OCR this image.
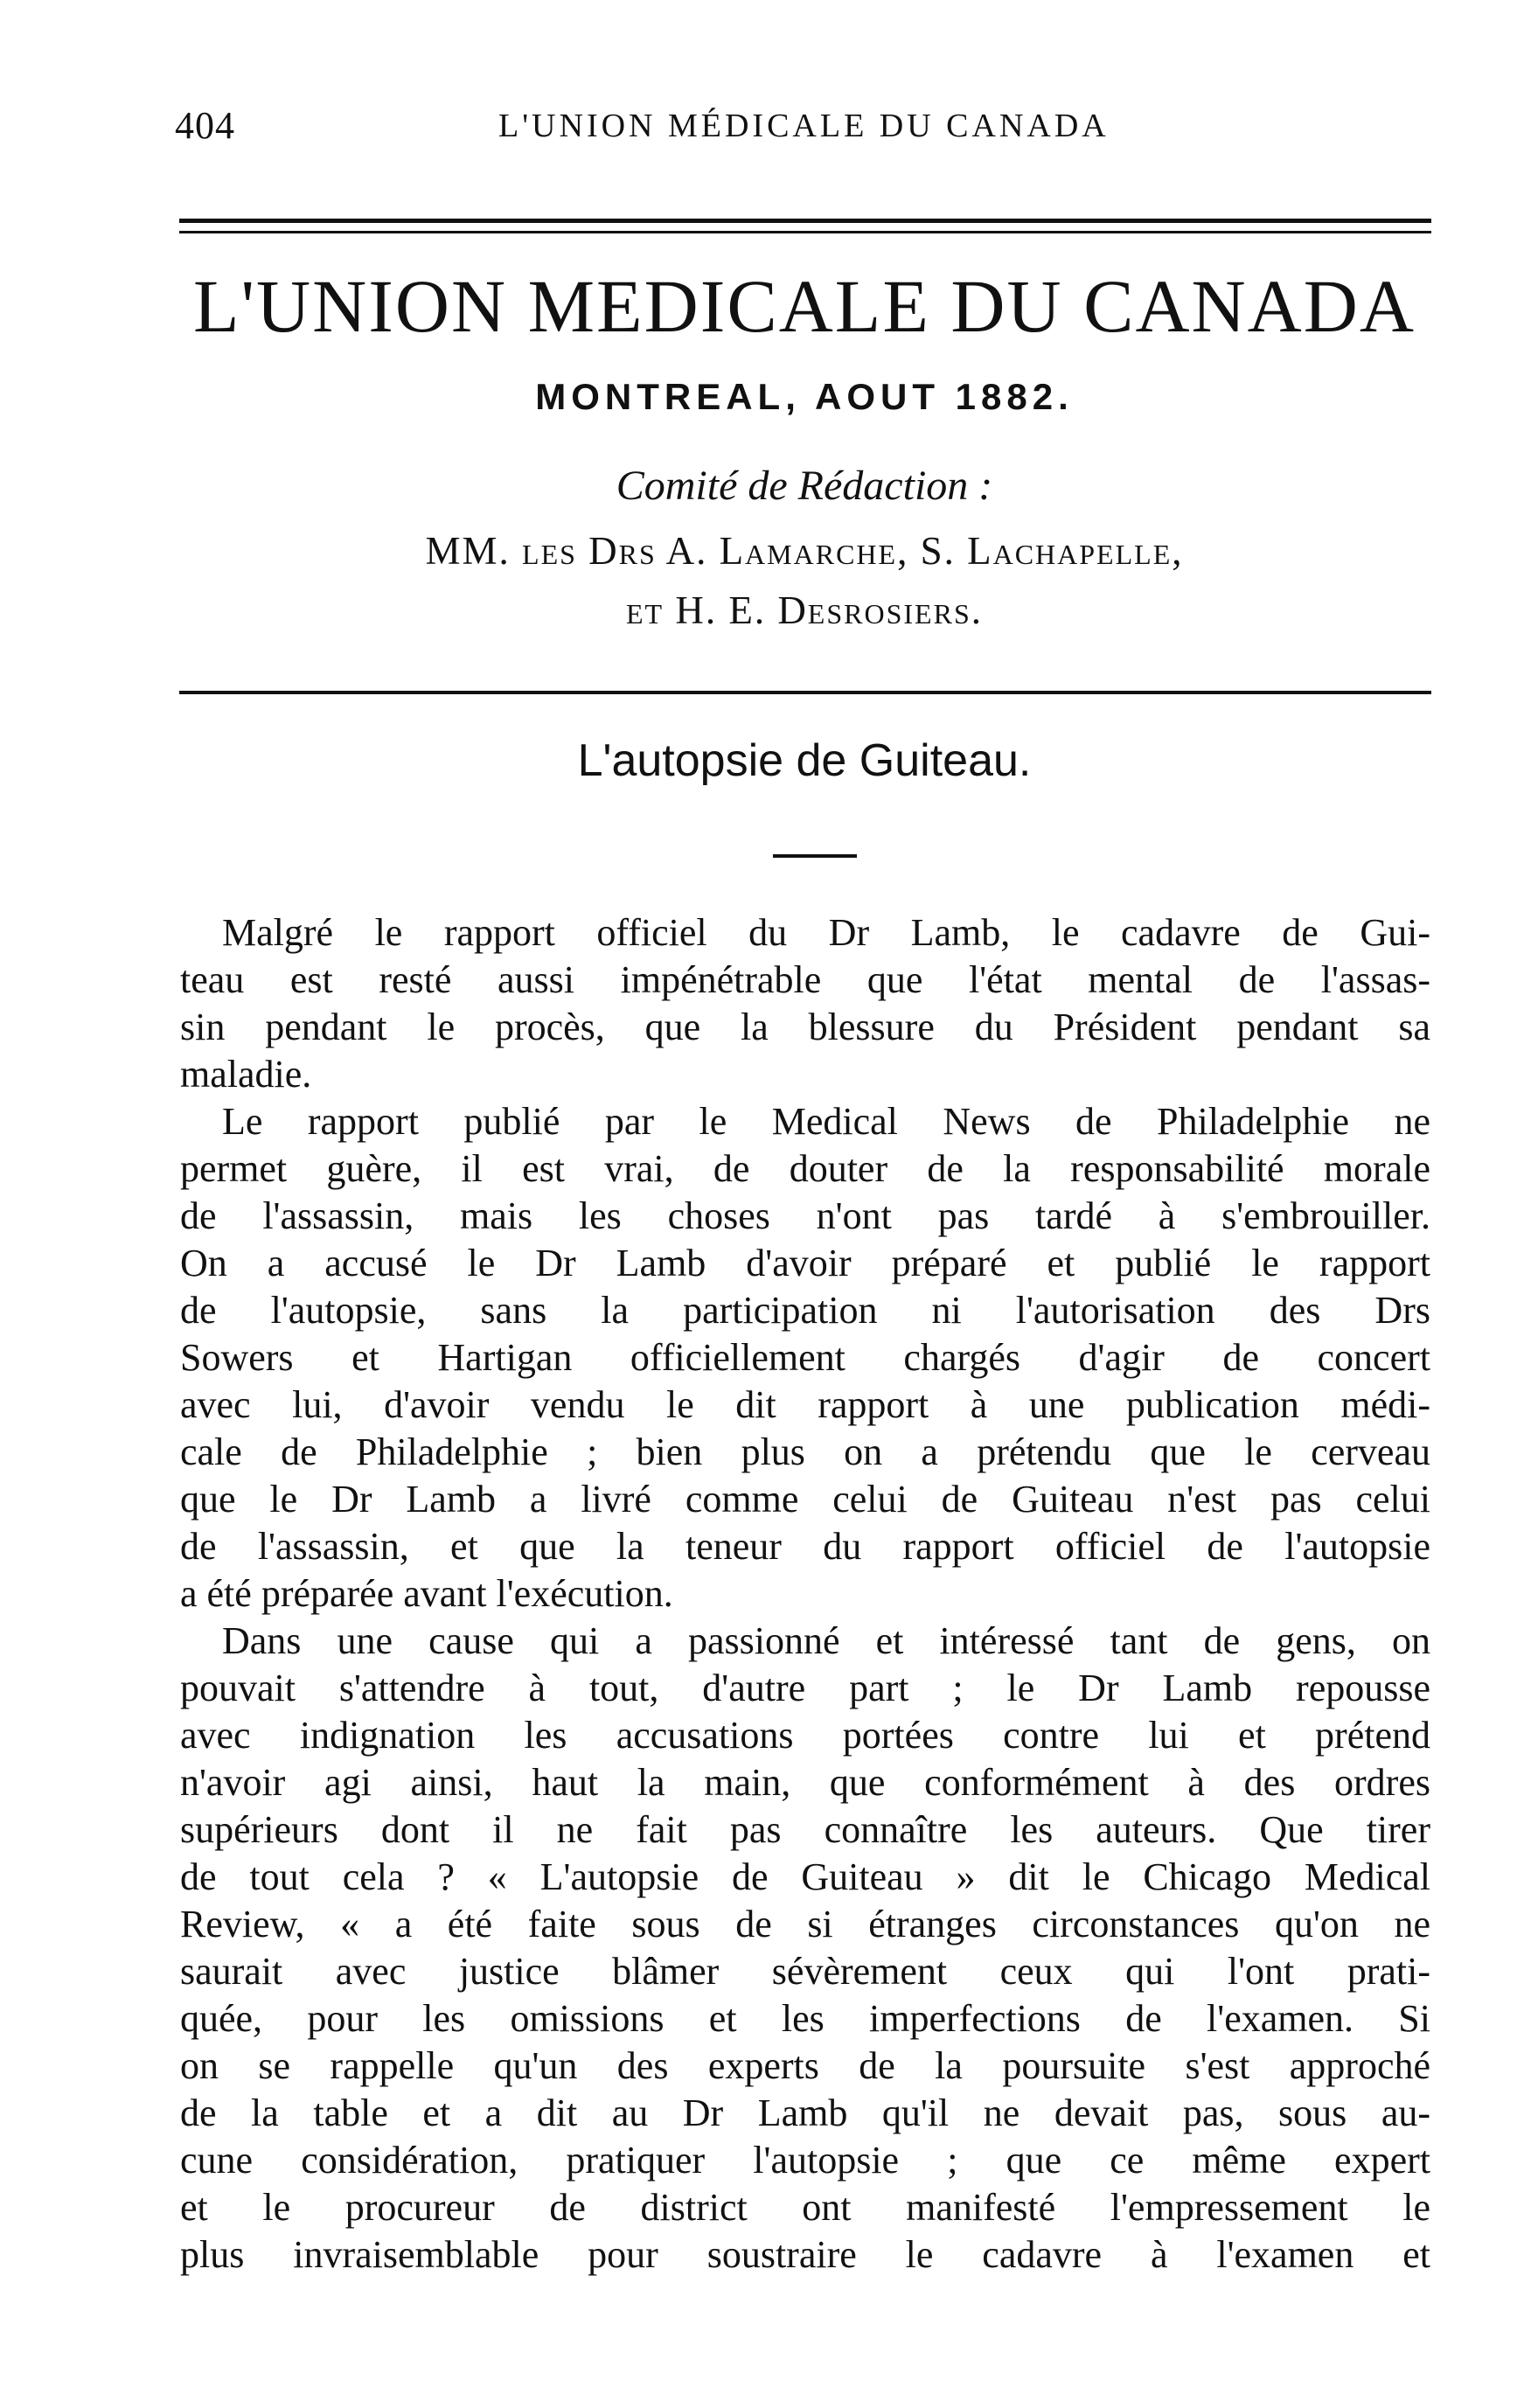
404	L'UNION MÉDICALE DU CANADA
L'UNION MEDICALE DU CANADA
MONTREAL, AOUT 1882.
Comité de Rédaction :
MM. les Drs A. Lamarche, S. Lachapelle,
et H. E. Desrosiers.
L'autopsie de Guiteau.
Malgré le rapport officiel du Dr Lamb, le cadavre de Gui-
teau est resté aussi impénétrable que l'état mental de l'assas-
sin pendant le procès, que la blessure du Président pendant sa
maladie.
Le rapport publié par le Medical News de Philadelphie ne
permet guère, il est vrai, de douter de la responsabilité morale
de l'assassin, mais les choses n'ont pas tardé à s'embrouiller.
On a accusé le Dr Lamb d'avoir préparé et publié le rapport
de l'autopsie, sans la participation ni l'autorisation des Drs
Sowers et Hartigan officiellement chargés d'agir de concert
avec lui, d'avoir vendu le dit rapport à une publication médi-
cale de Philadelphie ; bien plus on a prétendu que le cerveau
que le Dr Lamb a livré comme celui de Guiteau n'est pas celui
de l'assassin, et que la teneur du rapport officiel de l'autopsie
a été préparée avant l'exécution.
Dans une cause qui a passionné et intéressé tant de gens, on
pouvait s'attendre à tout, d'autre part ; le Dr Lamb repousse
avec indignation les accusations portées contre lui et prétend
n'avoir agi ainsi, haut la main, que conformément à des ordres
supérieurs dont il ne fait pas connaître les auteurs. Que tirer
de tout cela ? « L'autopsie de Guiteau » dit le Chicago Medical
Review, « a été faite sous de si étranges circonstances qu'on ne
saurait avec justice blâmer sévèrement ceux qui l'ont prati-
quée, pour les omissions et les imperfections de l'examen. Si
on se rappelle qu'un des experts de la poursuite s'est approché
de la table et a dit au Dr Lamb qu'il ne devait pas, sous au-
cune considération, pratiquer l'autopsie ; que ce même expert
et le procureur de district ont manifesté l'empressement le
plus invraisemblable pour soustraire le cadavre à l'examen et
